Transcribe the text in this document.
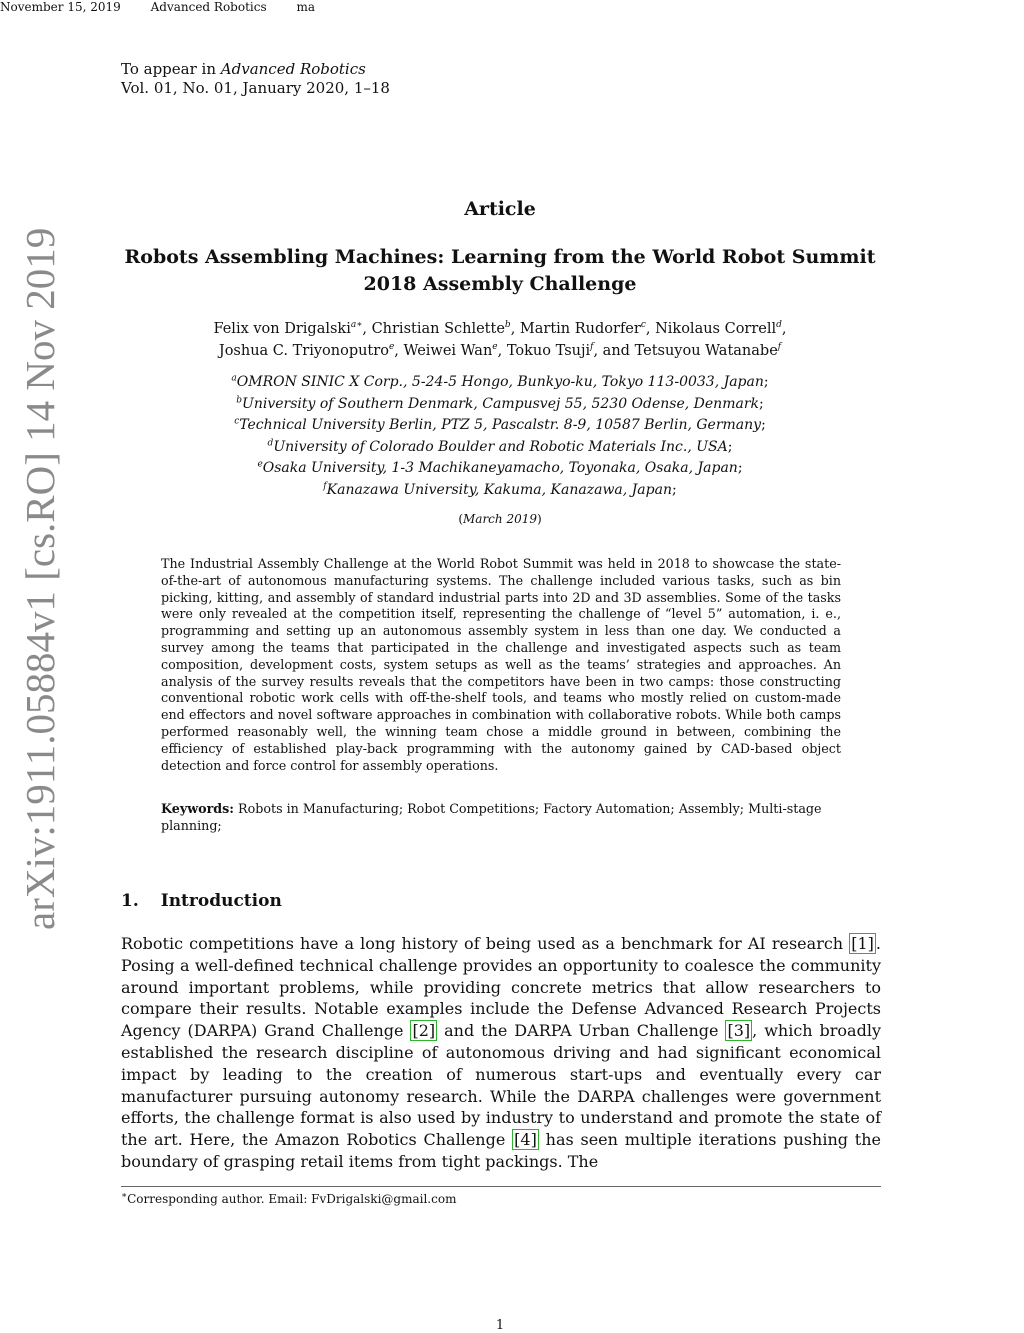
November 15, 2019 Advanced Robotics ma
To appear in Advanced Robotics
Vol. 01, No. 01, January 2020, 1–18
arXiv:1911.05884v1 [cs.RO] 14 Nov 2019
Article
Robots Assembling Machines: Learning from the World Robot Summit 2018 Assembly Challenge
Felix von Drigalski$^{a∗}$, Christian Schlette$^b$, Martin Rudorfer$^c$, Nikolaus Correll$^d$,
Joshua C. Triyonoputro$^e$, Weiwei Wan$^e$, Tokuo Tsuji$^f$, and Tetsuyou Watanabe$^f$
$^a$OMRON SINIC X Corp., 5-24-5 Hongo, Bunkyo-ku, Tokyo 113-0033, Japan;
$^b$University of Southern Denmark, Campusvej 55, 5230 Odense, Denmark;
$^c$Technical University Berlin, PTZ 5, Pascalstr. 8-9, 10587 Berlin, Germany;
$^d$University of Colorado Boulder and Robotic Materials Inc., USA;
$^e$Osaka University, 1-3 Machikaneyamacho, Toyonaka, Osaka, Japan;
$^f$Kanazawa University, Kakuma, Kanazawa, Japan;
(March 2019)
The Industrial Assembly Challenge at the World Robot Summit was held in 2018 to showcase the state-of-the-art of autonomous manufacturing systems. The challenge included various tasks, such as bin picking, kitting, and assembly of standard industrial parts into 2D and 3D assemblies. Some of the tasks were only revealed at the competition itself, representing the challenge of “level 5” automation, i. e., programming and setting up an autonomous assembly system in less than one day. We conducted a survey among the teams that participated in the challenge and investigated aspects such as team composition, development costs, system setups as well as the teams’ strategies and approaches. An analysis of the survey results reveals that the competitors have been in two camps: those constructing conventional robotic work cells with off-the-shelf tools, and teams who mostly relied on custom-made end effectors and novel software approaches in combination with collaborative robots. While both camps performed reasonably well, the winning team chose a middle ground in between, combining the efficiency of established play-back programming with the autonomy gained by CAD-based object detection and force control for assembly operations.
Keywords: Robots in Manufacturing; Robot Competitions; Factory Automation; Assembly; Multi-stage planning;
1. Introduction
Robotic competitions have a long history of being used as a benchmark for AI research [1] . Posing a well-defined technical challenge provides an opportunity to coalesce the community around important problems, while providing concrete metrics that allow researchers to compare their results. Notable examples include the Defense Advanced Research Projects Agency (DARPA) Grand Challenge [2] and the DARPA Urban Challenge [3] , which broadly established the research discipline of autonomous driving and had significant economical impact by leading to the creation of numerous start-ups and eventually every car manufacturer pursuing autonomy research. While the DARPA challenges were government efforts, the challenge format is also used by industry to understand and promote the state of the art. Here, the Amazon Robotics Challenge [4] has seen multiple iterations pushing the boundary of grasping retail items from tight packings. The
∗Corresponding author. Email: FvDrigalski@gmail.com
1
